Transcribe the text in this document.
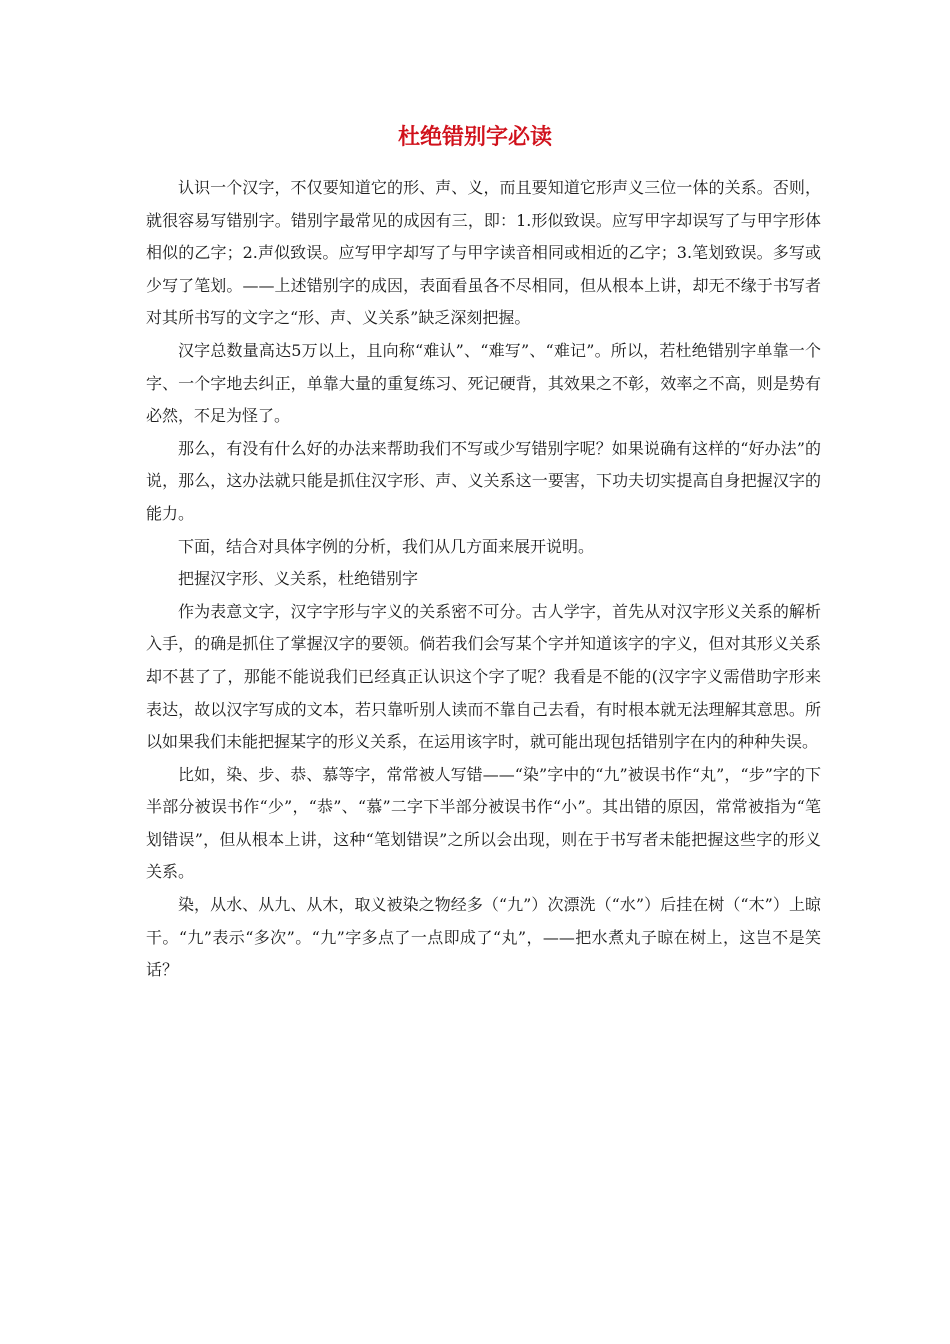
杜绝错别字必读

认识一个汉字，不仅要知道它的形、声、义，而且要知道它形声义三位一体的关系。否则，就很容易写错别字。错别字最常见的成因有三，即：1.形似致误。应写甲字却误写了与甲字形体相似的乙字；2.声似致误。应写甲字却写了与甲字读音相同或相近的乙字；3.笔划致误。多写或少写了笔划。——上述错别字的成因，表面看虽各不尽相同，但从根本上讲，却无不缘于书写者对其所书写的文字之“形、声、义关系”缺乏深刻把握。

汉字总数量高达5万以上，且向称“难认”、“难写”、“难记”。所以，若杜绝错别字单靠一个字、一个字地去纠正，单靠大量的重复练习、死记硬背，其效果之不彰，效率之不高，则是势有必然，不足为怪了。

那么，有没有什么好的办法来帮助我们不写或少写错别字呢？如果说确有这样的“好办法”的说，那么，这办法就只能是抓住汉字形、声、义关系这一要害，下功夫切实提高自身把握汉字的能力。

下面，结合对具体字例的分析，我们从几方面来展开说明。

把握汉字形、义关系，杜绝错别字

作为表意文字，汉字字形与字义的关系密不可分。古人学字，首先从对汉字形义关系的解析入手，的确是抓住了掌握汉字的要领。倘若我们会写某个字并知道该字的字义，但对其形义关系却不甚了了，那能不能说我们已经真正认识这个字了呢？我看是不能的(汉字字义需借助字形来表达，故以汉字写成的文本，若只靠听别人读而不靠自己去看，有时根本就无法理解其意思。所以如果我们未能把握某字的形义关系，在运用该字时，就可能出现包括错别字在内的种种失误。

比如，染、步、恭、慕等字，常常被人写错——“染”字中的“九”被误书作“丸”，“步”字的下半部分被误书作“少”，“恭”、“慕”二字下半部分被误书作“小”。其出错的原因，常常被指为“笔划错误”，但从根本上讲，这种“笔划错误”之所以会出现，则在于书写者未能把握这些字的形义关系。

染，从水、从九、从木，取义被染之物经多（“九”）次漂洗（“水”）后挂在树（“木”）上晾干。“九”表示“多次”。“九”字多点了一点即成了“丸”，——把水煮丸子晾在树上，这岂不是笑话？
